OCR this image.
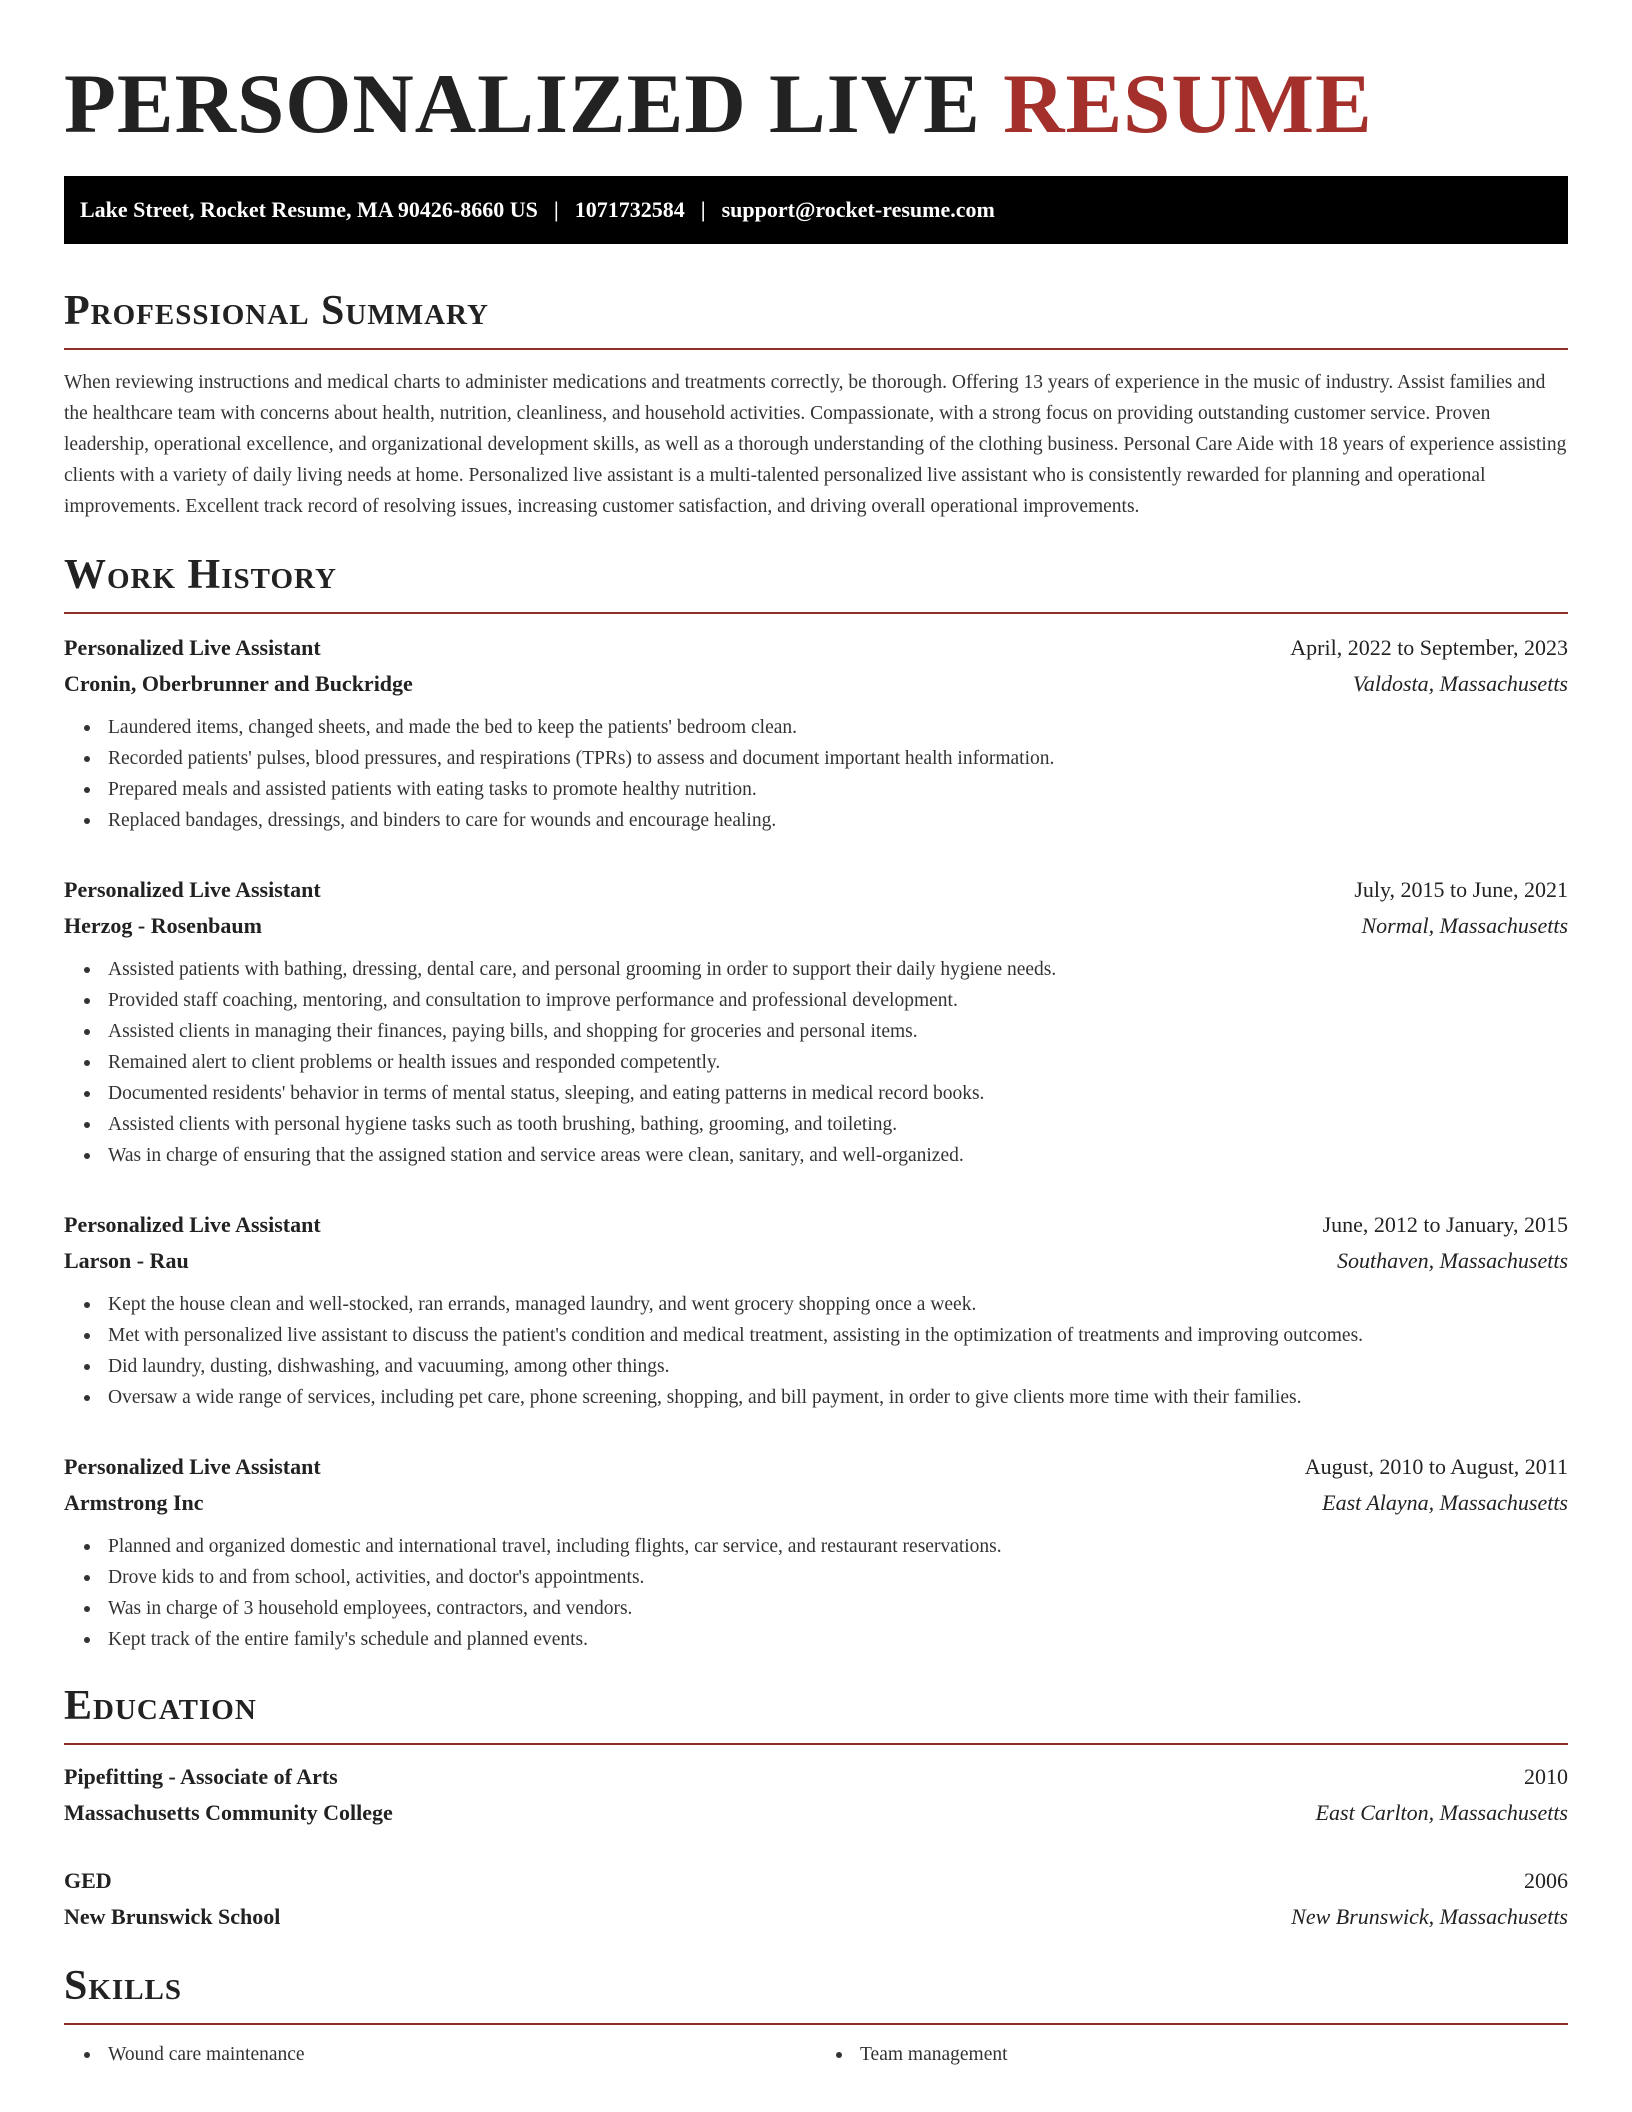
PERSONALIZED LIVE RESUME
Lake Street, Rocket Resume, MA 90426-8660 US | 1071732584 | support@rocket-resume.com
Professional Summary

When reviewing instructions and medical charts to administer medications and treatments correctly, be thorough. Offering 13 years of experience in the music of industry. Assist families and the healthcare team with concerns about health, nutrition, cleanliness, and household activities. Compassionate, with a strong focus on providing outstanding customer service. Proven leadership, operational excellence, and organizational development skills, as well as a thorough understanding of the clothing business. Personal Care Aide with 18 years of experience assisting clients with a variety of daily living needs at home. Personalized live assistant is a multi-talented personalized live assistant who is consistently rewarded for planning and operational improvements. Excellent track record of resolving issues, increasing customer satisfaction, and driving overall operational improvements.

Work History
Personalized Live Assistant	April, 2022 to September, 2023
Cronin, Oberbrunner and Buckridge	Valdosta, Massachusetts
Laundered items, changed sheets, and made the bed to keep the patients' bedroom clean.
Recorded patients' pulses, blood pressures, and respirations (TPRs) to assess and document important health information.
Prepared meals and assisted patients with eating tasks to promote healthy nutrition.
Replaced bandages, dressings, and binders to care for wounds and encourage healing.
Personalized Live Assistant	July, 2015 to June, 2021
Herzog - Rosenbaum	Normal, Massachusetts
Assisted patients with bathing, dressing, dental care, and personal grooming in order to support their daily hygiene needs.
Provided staff coaching, mentoring, and consultation to improve performance and professional development.
Assisted clients in managing their finances, paying bills, and shopping for groceries and personal items.
Remained alert to client problems or health issues and responded competently.
Documented residents' behavior in terms of mental status, sleeping, and eating patterns in medical record books.
Assisted clients with personal hygiene tasks such as tooth brushing, bathing, grooming, and toileting.
Was in charge of ensuring that the assigned station and service areas were clean, sanitary, and well-organized.
Personalized Live Assistant	June, 2012 to January, 2015
Larson - Rau	Southaven, Massachusetts
Kept the house clean and well-stocked, ran errands, managed laundry, and went grocery shopping once a week.
Met with personalized live assistant to discuss the patient's condition and medical treatment, assisting in the optimization of treatments and improving outcomes.
Did laundry, dusting, dishwashing, and vacuuming, among other things.
Oversaw a wide range of services, including pet care, phone screening, shopping, and bill payment, in order to give clients more time with their families.
Personalized Live Assistant	August, 2010 to August, 2011
Armstrong Inc	East Alayna, Massachusetts
Planned and organized domestic and international travel, including flights, car service, and restaurant reservations.
Drove kids to and from school, activities, and doctor's appointments.
Was in charge of 3 household employees, contractors, and vendors.
Kept track of the entire family's schedule and planned events.
Education
Pipefitting - Associate of Arts	2010
Massachusetts Community College	East Carlton, Massachusetts
GED	2006
New Brunswick School	New Brunswick, Massachusetts
Skills
Wound care maintenance	Team management
